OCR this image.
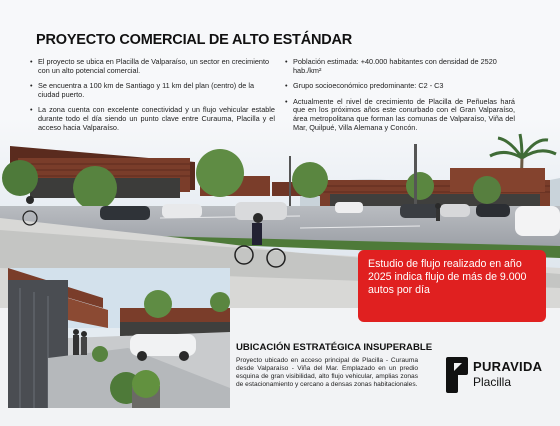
PROYECTO COMERCIAL DE ALTO ESTÁNDAR
• El proyecto se ubica en Placilla de Valparaíso, un sector en crecimiento con un alto potencial comercial.
• Se encuentra a 100 km de Santiago y 11 km del plan (centro) de la ciudad puerto.
• La zona cuenta con excelente conectividad y un flujo vehicular estable durante todo el día siendo un punto clave entre Curauma, Placilla y el acceso hacia Valparaíso.
• Población estimada: +40.000 habitantes con densidad de 2520 hab./km²
• Grupo socioeconómico predominante: C2 - C3
• Actualmente el nivel de crecimiento de Placilla de Peñuelas hará que en los próximos años este conurbado con el Gran Valparaíso, área metropolitana que forman las comunas de Valparaíso, Viña del Mar, Quilpué, Villa Alemana y Concón.
Estudio de flujo realizado en año 2025 indica flujo de más de 9.000 autos por día
UBICACIÓN ESTRATÉGICA INSUPERABLE
Proyecto ubicado en acceso principal de Placilla - Curauma desde Valparaíso - Viña del Mar. Emplazado en un predio esquina de gran visibilidad, alto flujo vehicular, amplias zonas de estacionamiento y cercano a densas zonas habitacionales.
PURAVIDA
Placilla
